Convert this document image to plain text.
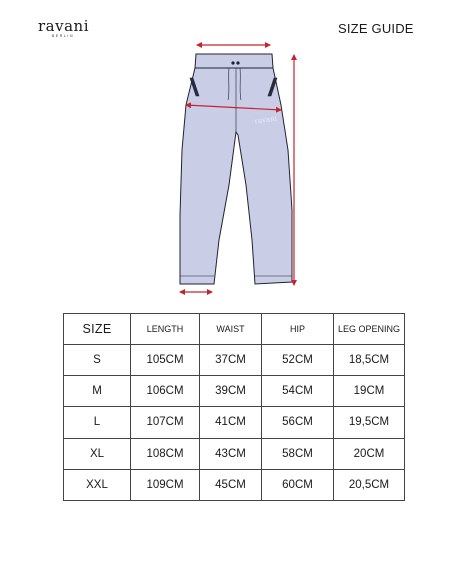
ravani
BERLIN	SIZE GUIDE
ravani
SIZE	LENGTH	WAIST	HIP	LEG OPENING
S	105CM	37CM	52CM	18,5CM
M	106CM	39CM	54CM	19CM
L	107CM	41CM	56CM	19,5CM
XL	108CM	43CM	58CM	20CM
XXL	109CM	45CM	60CM	20,5CM
